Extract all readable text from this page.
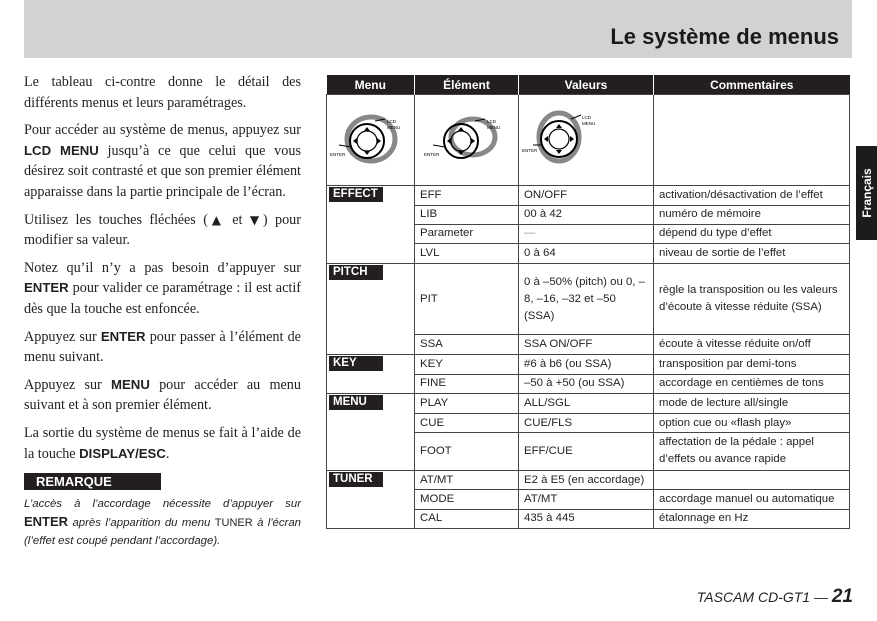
Le système de menus
Français

Le tableau ci-contre donne le détail des différents menus et leurs paramétrages.

Pour accéder au système de menus, appuyez sur LCD MENU jusqu’à ce que celui que vous désirez soit contrasté et que son premier élément apparaisse dans la partie principale de l’écran.

Utilisez les touches fléchées (▲ et ▼) pour modifier sa valeur.

Notez qu’il n’y a pas besoin d’appuyer sur ENTER pour valider ce paramétrage : il est actif dès que la touche est enfoncée.

Appuyez sur ENTER pour passer à l’élément de menu suivant.

Appuyez sur MENU pour accéder au menu suivant et à son premier élément.

La sortie du système de menus se fait à l’aide de la touche DISPLAY/ESC.

REMARQUE
L’accès à l’accordage nécessite d’appuyer sur ENTER après l’apparition du menu TUNER à l'écran (l’effet est coupé pendant l’accordage).
Menu	Élément	Valeurs	Commentaires

LCD
MENU
ENTER	LCD
MENU
ENTER	LCD
MENU
ENTER	

EFFECT	EFF	ON/OFF	activation/désactivation de l’effet
	LIB	00 à 42	numéro de mémoire
	Parameter	—	dépend du type d’effet
	LVL	0 à 64	niveau de sortie de l’effet
PITCH	PIT	0 à –50% (pitch) ou 0, –8, –16, –32 et –50 (SSA)	règle la transposition ou les valeurs d’écoute à vitesse réduite (SSA)
	SSA	SSA ON/OFF	écoute à vitesse réduite on/off
KEY	KEY	#6 à b6 (ou SSA)	transposition par demi-tons
	FINE	–50 à +50 (ou SSA)	accordage en centièmes de tons
MENU	PLAY	ALL/SGL	mode de lecture all/single
	CUE	CUE/FLS	option cue ou «flash play»
	FOOT	EFF/CUE	affectation de la pédale : appel d’effets ou avance rapide
TUNER	AT/MT	E2 à E5 (en accordage)	
	MODE	AT/MT	accordage manuel ou automatique
	CAL	435 à 445	étalonnage en Hz
TASCAM CD-GT1 — 21
